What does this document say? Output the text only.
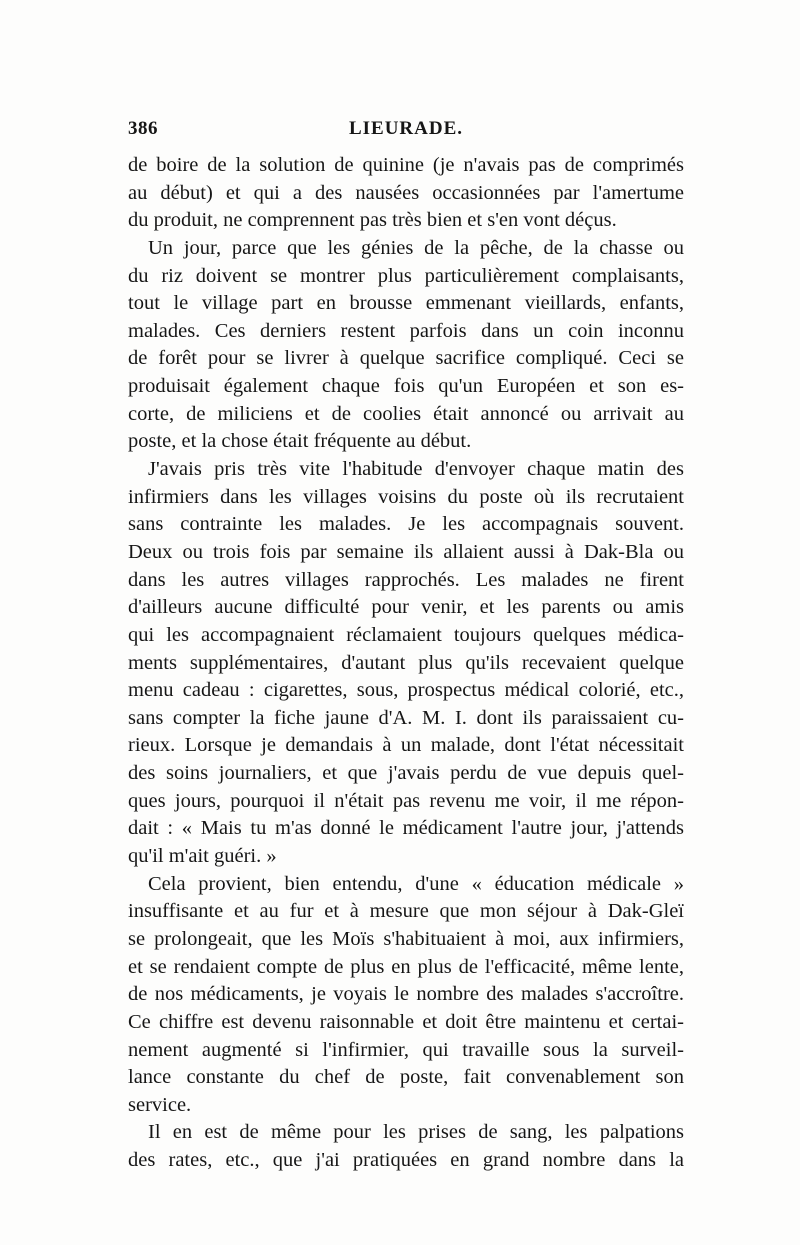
386	LIEURADE.
de boire de la solution de quinine (je n'avais pas de comprimés
au début) et qui a des nausées occasionnées par l'amertume
du produit, ne comprennent pas très bien et s'en vont déçus.
Un jour, parce que les génies de la pêche, de la chasse ou
du riz doivent se montrer plus particulièrement complaisants,
tout le village part en brousse emmenant vieillards, enfants,
malades. Ces derniers restent parfois dans un coin inconnu
de forêt pour se livrer à quelque sacrifice compliqué. Ceci se
produisait également chaque fois qu'un Européen et son es-
corte, de miliciens et de coolies était annoncé ou arrivait au
poste, et la chose était fréquente au début.
J'avais pris très vite l'habitude d'envoyer chaque matin des
infirmiers dans les villages voisins du poste où ils recrutaient
sans contrainte les malades. Je les accompagnais souvent.
Deux ou trois fois par semaine ils allaient aussi à Dak-Bla ou
dans les autres villages rapprochés. Les malades ne firent
d'ailleurs aucune difficulté pour venir, et les parents ou amis
qui les accompagnaient réclamaient toujours quelques médica-
ments supplémentaires, d'autant plus qu'ils recevaient quelque
menu cadeau : cigarettes, sous, prospectus médical colorié, etc.,
sans compter la fiche jaune d'A. M. I. dont ils paraissaient cu-
rieux. Lorsque je demandais à un malade, dont l'état nécessitait
des soins journaliers, et que j'avais perdu de vue depuis quel-
ques jours, pourquoi il n'était pas revenu me voir, il me répon-
dait : « Mais tu m'as donné le médicament l'autre jour, j'attends
qu'il m'ait guéri. »
Cela provient, bien entendu, d'une « éducation médicale »
insuffisante et au fur et à mesure que mon séjour à Dak-Gleï
se prolongeait, que les Moïs s'habituaient à moi, aux infirmiers,
et se rendaient compte de plus en plus de l'efficacité, même lente,
de nos médicaments, je voyais le nombre des malades s'accroître.
Ce chiffre est devenu raisonnable et doit être maintenu et certai-
nement augmenté si l'infirmier, qui travaille sous la surveil-
lance constante du chef de poste, fait convenablement son
service.
Il en est de même pour les prises de sang, les palpations
des rates, etc., que j'ai pratiquées en grand nombre dans la
